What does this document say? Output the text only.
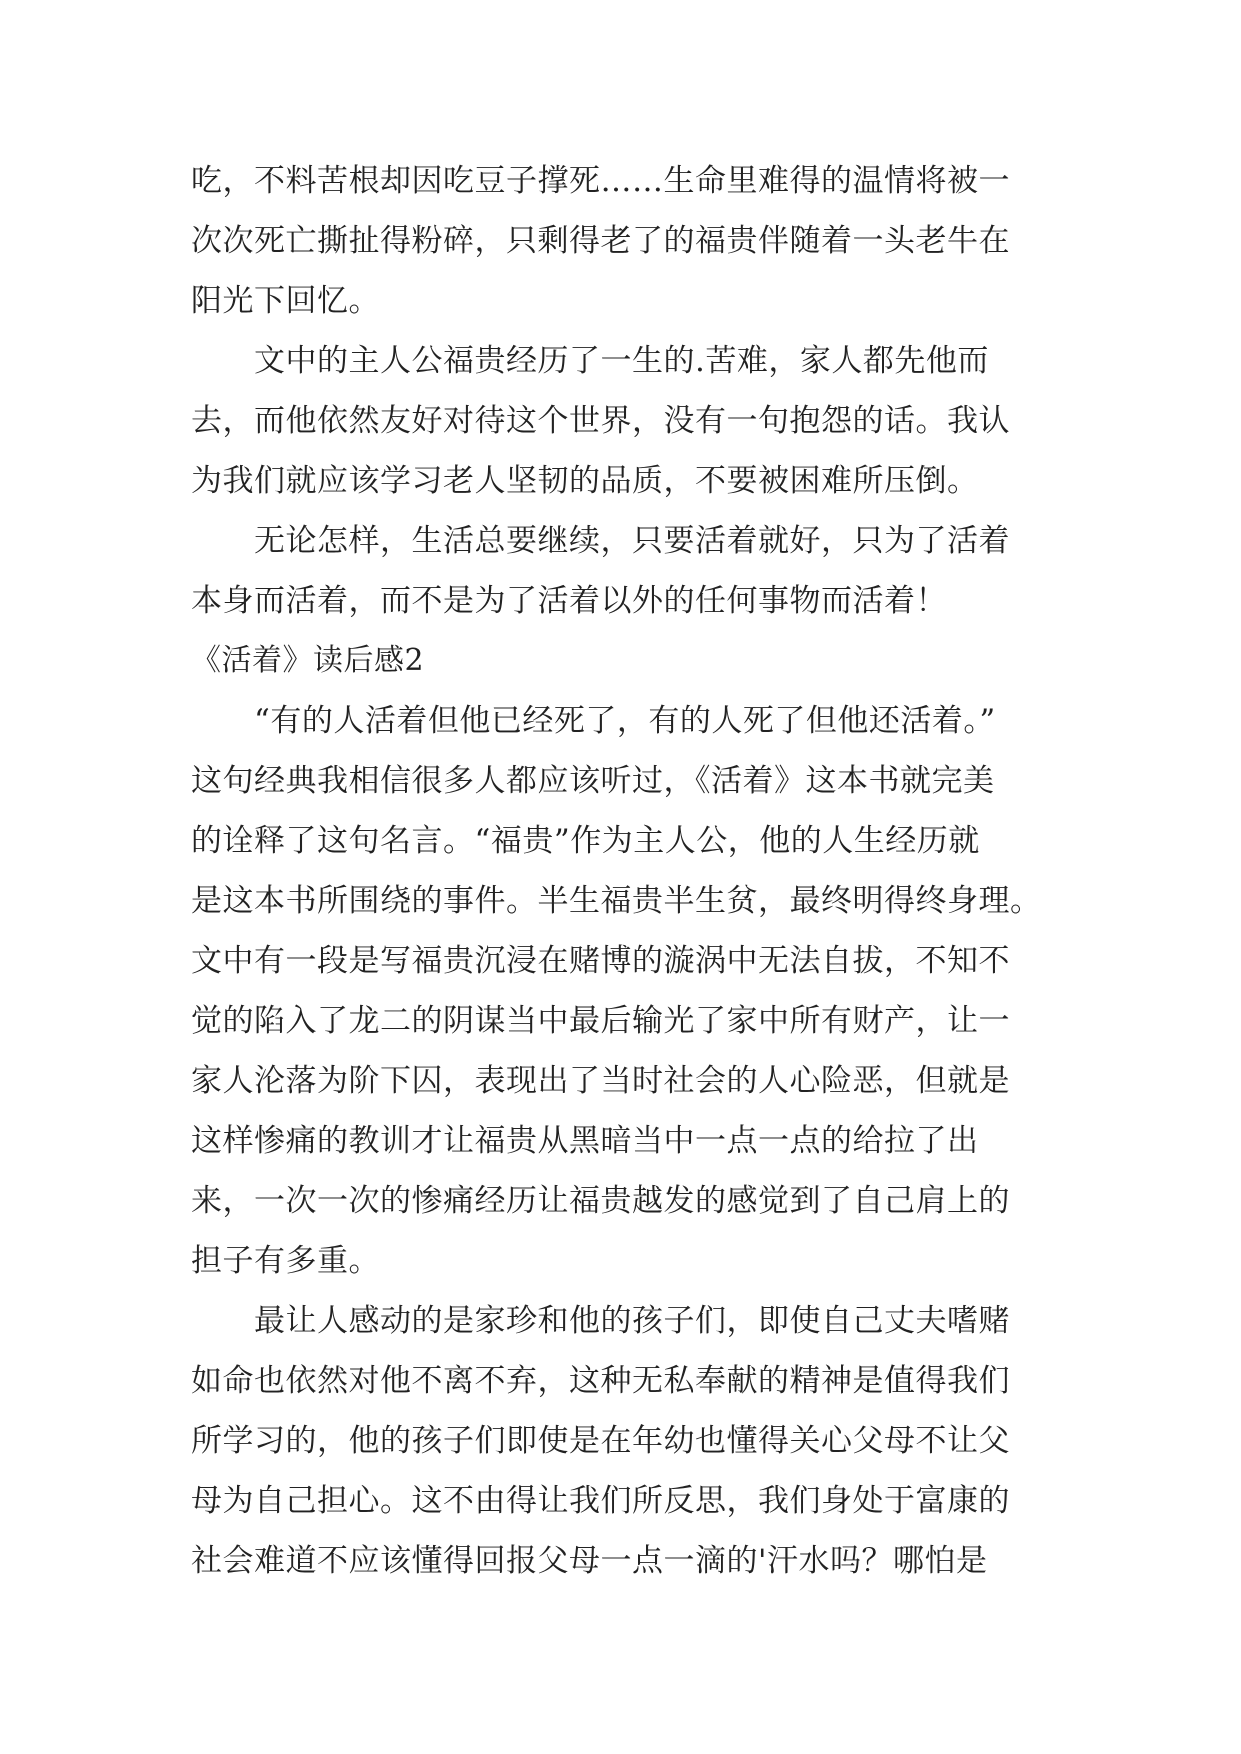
吃，不料苦根却因吃豆子撑死……生命里难得的温情将被一
次次死亡撕扯得粉碎，只剩得老了的福贵伴随着一头老牛在
阳光下回忆。
　　文中的主人公福贵经历了一生的.苦难，家人都先他而
去，而他依然友好对待这个世界，没有一句抱怨的话。我认
为我们就应该学习老人坚韧的品质，不要被困难所压倒。
　　无论怎样，生活总要继续，只要活着就好，只为了活着
本身而活着，而不是为了活着以外的任何事物而活着！
《活着》读后感2
　　“有的人活着但他已经死了，有的人死了但他还活着。”
这句经典我相信很多人都应该听过，《活着》这本书就完美
的诠释了这句名言。“福贵”作为主人公，他的人生经历就
是这本书所围绕的事件。半生福贵半生贫，最终明得终身理。
文中有一段是写福贵沉浸在赌博的漩涡中无法自拔，不知不
觉的陷入了龙二的阴谋当中最后输光了家中所有财产，让一
家人沦落为阶下囚，表现出了当时社会的人心险恶，但就是
这样惨痛的教训才让福贵从黑暗当中一点一点的给拉了出
来，一次一次的惨痛经历让福贵越发的感觉到了自己肩上的
担子有多重。
　　最让人感动的是家珍和他的孩子们，即使自己丈夫嗜赌
如命也依然对他不离不弃，这种无私奉献的精神是值得我们
所学习的，他的孩子们即使是在年幼也懂得关心父母不让父
母为自己担心。这不由得让我们所反思，我们身处于富康的
社会难道不应该懂得回报父母一点一滴的'汗水吗？哪怕是
